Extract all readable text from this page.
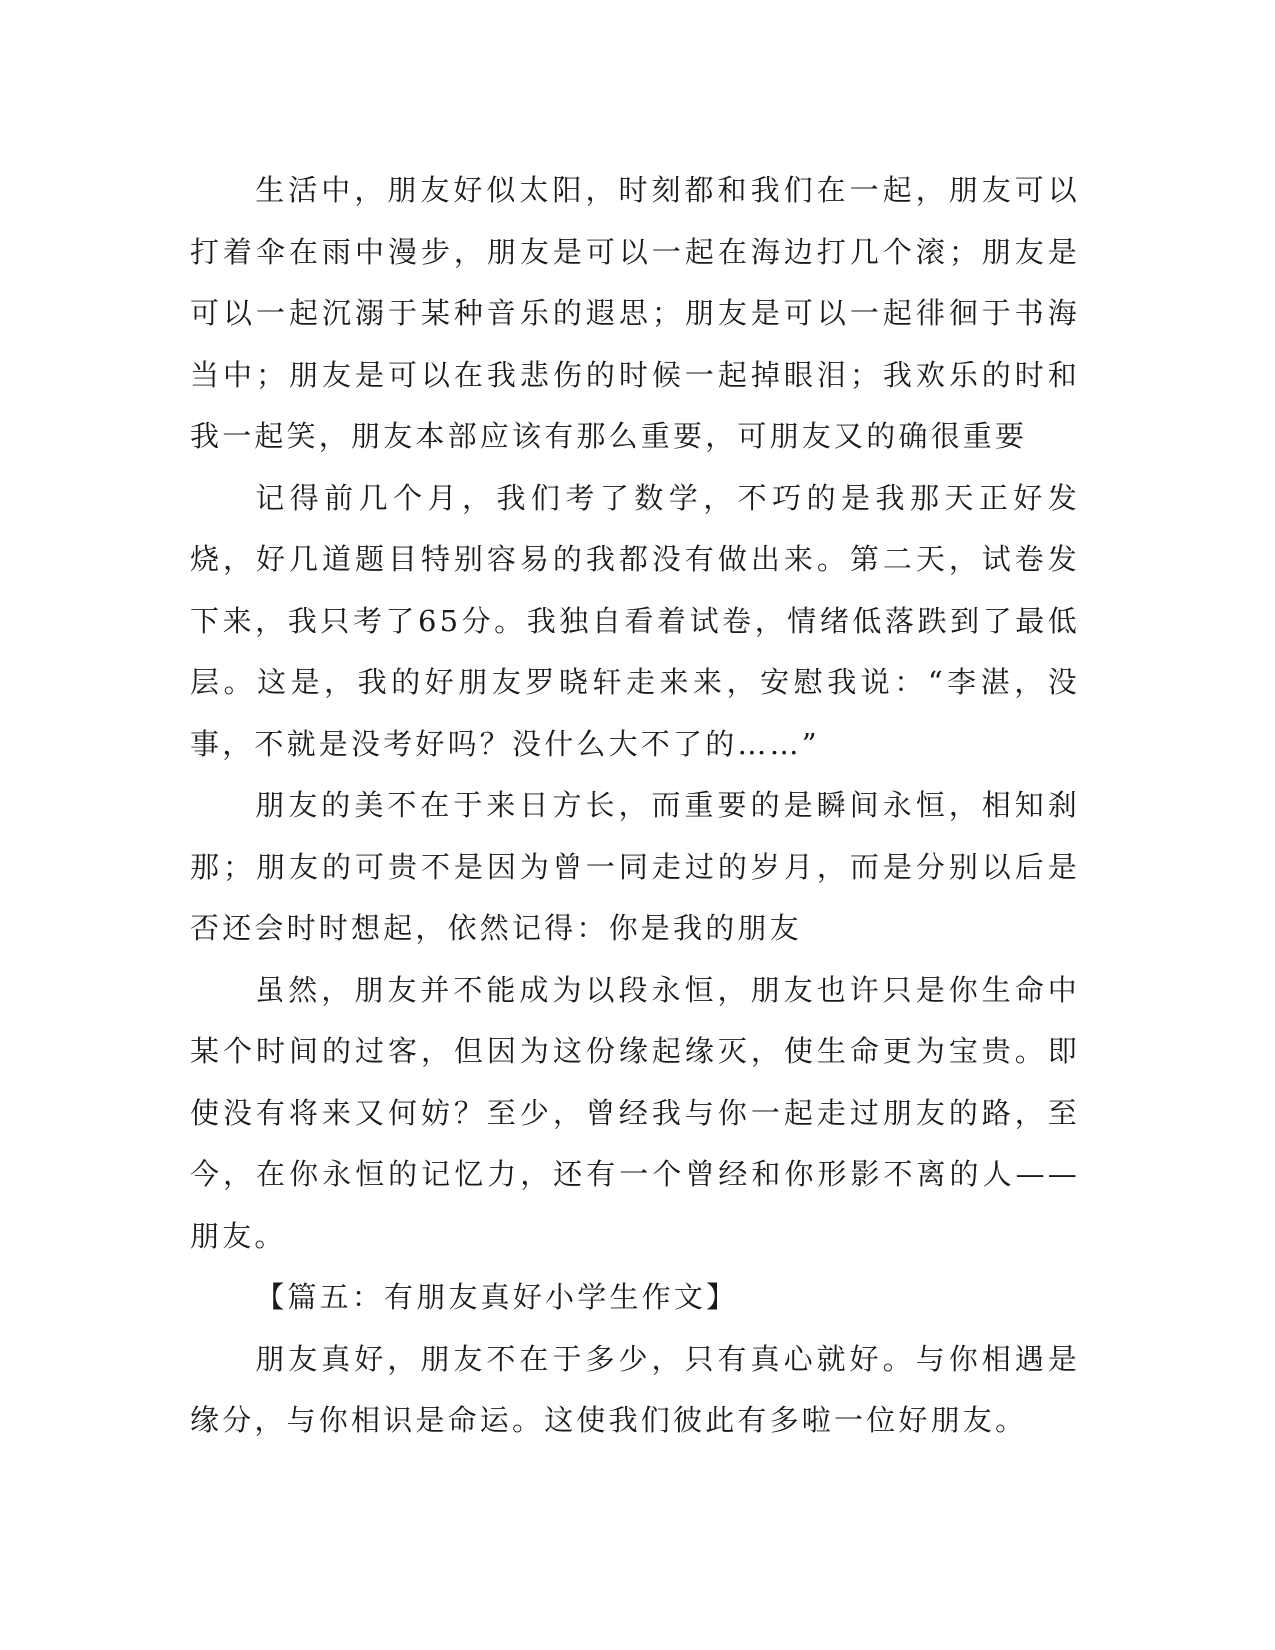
生活中，朋友好似太阳，时刻都和我们在一起，朋友可以打着伞在雨中漫步，朋友是可以一起在海边打几个滚；朋友是可以一起沉溺于某种音乐的遐思；朋友是可以一起徘徊于书海当中；朋友是可以在我悲伤的时候一起掉眼泪；我欢乐的时和我一起笑，朋友本部应该有那么重要，可朋友又的确很重要

记得前几个月，我们考了数学，不巧的是我那天正好发烧，好几道题目特别容易的我都没有做出来。第二天，试卷发下来，我只考了65分。我独自看着试卷，情绪低落跌到了最低层。这是，我的好朋友罗晓轩走来来，安慰我说：“李湛，没事，不就是没考好吗？没什么大不了的……”

朋友的美不在于来日方长，而重要的是瞬间永恒，相知刹那；朋友的可贵不是因为曾一同走过的岁月，而是分别以后是否还会时时想起，依然记得：你是我的朋友

虽然，朋友并不能成为以段永恒，朋友也许只是你生命中某个时间的过客，但因为这份缘起缘灭，使生命更为宝贵。即使没有将来又何妨？至少，曾经我与你一起走过朋友的路，至今，在你永恒的记忆力，还有一个曾经和你形影不离的人——朋友。

【篇五：有朋友真好小学生作文】

朋友真好，朋友不在于多少，只有真心就好。与你相遇是缘分，与你相识是命运。这使我们彼此有多啦一位好朋友。
